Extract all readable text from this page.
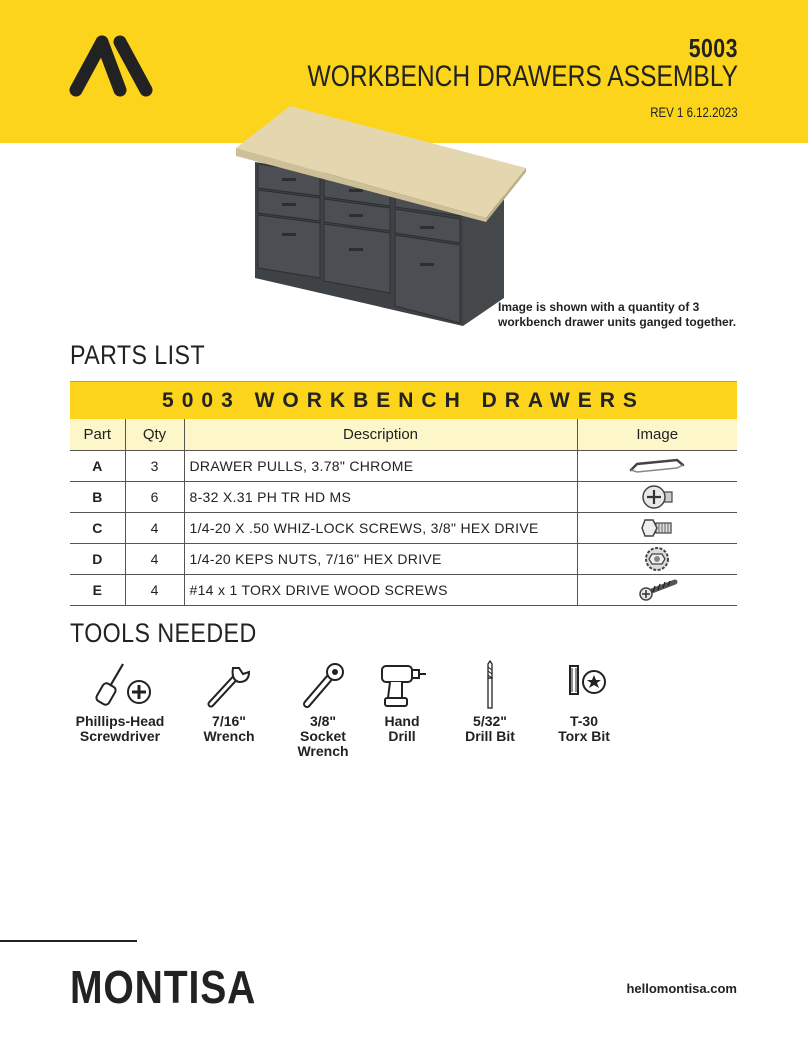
5003
WORKBENCH DRAWERS ASSEMBLY
REV 1 6.12.2023
Image is shown with a quantity of 3
workbench drawer units ganged together.
PARTS LIST
5003 WORKBENCH DRAWERS
Part	Qty	Description	Image
A	3	DRAWER PULLS, 3.78" CHROME	

B	6	8-32 X.31 PH TR HD MS	

C	4	1/4-20 X .50 WHIZ-LOCK SCREWS, 3/8" HEX DRIVE	

D	4	1/4-20 KEPS NUTS, 7/16" HEX DRIVE	

E	4	#14 x 1 TORX DRIVE WOOD SCREWS	
TOOLS NEEDED
Phillips-Head
Screwdriver
7/16"
Wrench
3/8"
Socket
Wrench
Hand
Drill
5/32"
Drill Bit
T-30
Torx Bit
MONTISA	hellomontisa.com
